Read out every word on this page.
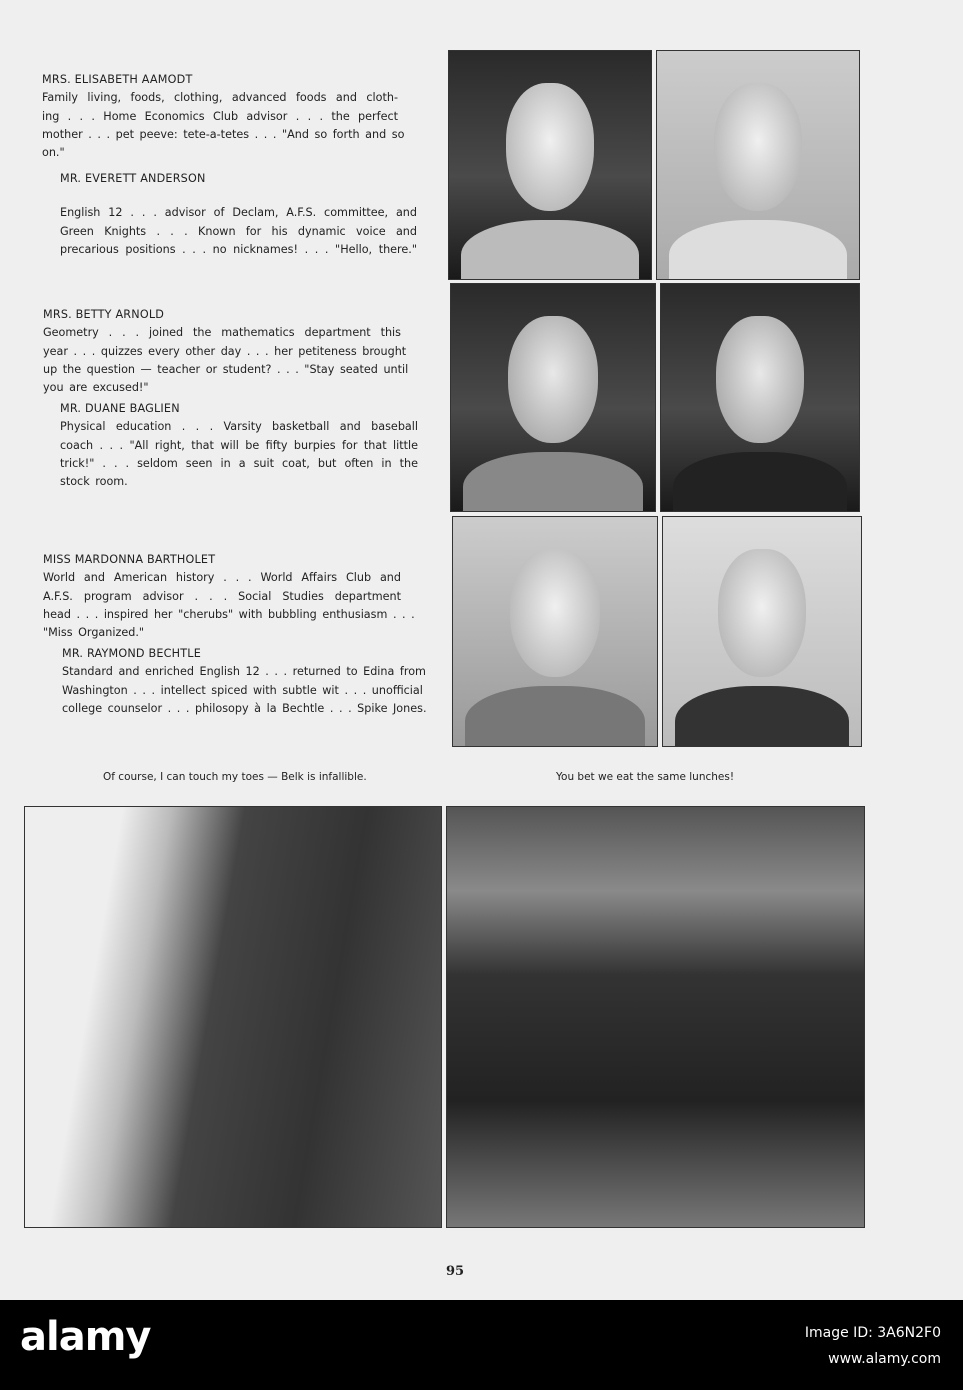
MRS. ELISABETH AAMODT
Family living, foods, clothing, advanced foods and cloth-
ing . . . Home Economics Club advisor . . . the perfect
mother . . . pet peeve: tete-a-tetes . . . "And so forth and so
on."
MR. EVERETT ANDERSON
English 12 . . . advisor of Declam, A.F.S. committee, and
Green Knights . . . Known for his dynamic voice and
precarious positions . . . no nicknames! . . . "Hello, there."
MRS. BETTY ARNOLD
Geometry . . . joined the mathematics department this
year . . . quizzes every other day . . . her petiteness brought
up the question — teacher or student? . . . "Stay seated until
you are excused!"
MR. DUANE BAGLIEN
Physical education . . . Varsity basketball and baseball
coach . . . "All right, that will be fifty burpies for that little
trick!" . . . seldom seen in a suit coat, but often in the
stock room.
MISS MARDONNA BARTHOLET
World and American history . . . World Affairs Club and
A.F.S. program advisor . . . Social Studies department
head . . . inspired her "cherubs" with bubbling enthusiasm . . .
"Miss Organized."
MR. RAYMOND BECHTLE
Standard and enriched English 12 . . . returned to Edina from
Washington . . . intellect spiced with subtle wit . . . unofficial
college counselor . . . philosopy à la Bechtle . . . Spike Jones.
Of course, I can touch my toes — Belk is infallible.	You bet we eat the same lunches!
95
alamy	Image ID: 3A6N2F0
www.alamy.com
